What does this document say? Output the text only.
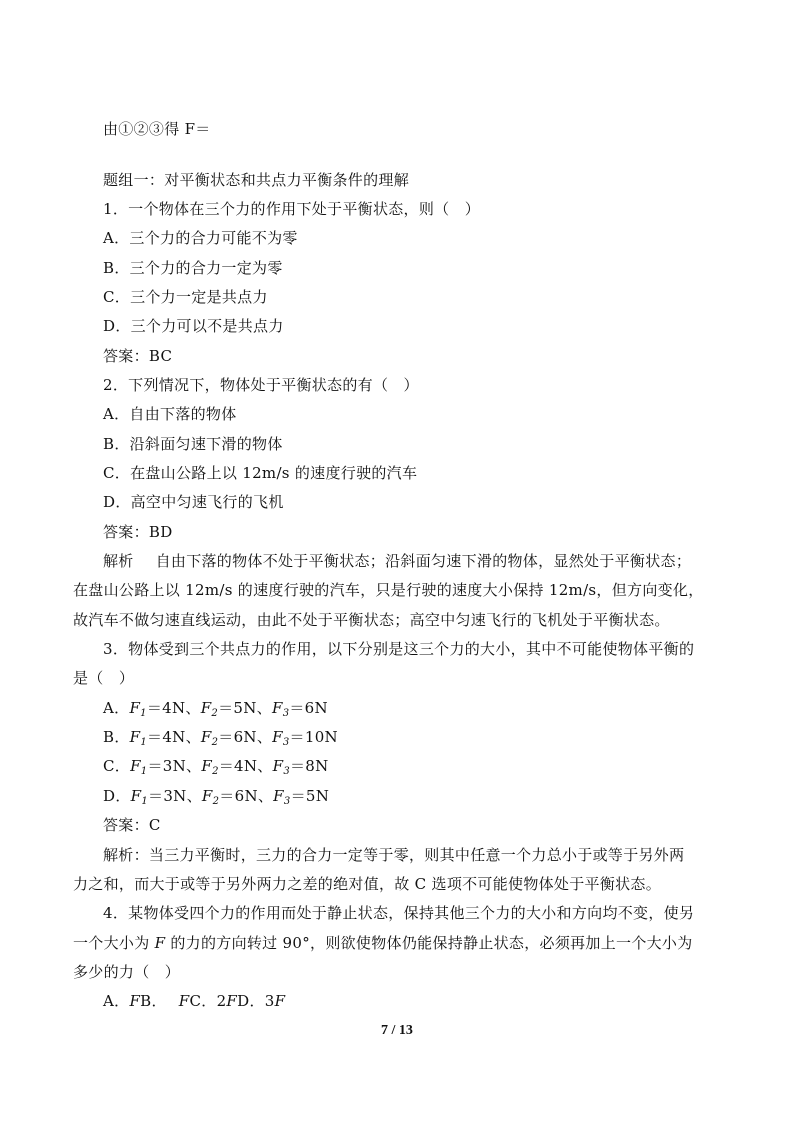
由①②③得 F＝
题组一：对平衡状态和共点力平衡条件的理解
1．一个物体在三个力的作用下处于平衡状态，则（　）
A．三个力的合力可能不为零
B．三个力的合力一定为零
C．三个力一定是共点力
D．三个力可以不是共点力
答案：BC
2．下列情况下，物体处于平衡状态的有（　）
A．自由下落的物体
B．沿斜面匀速下滑的物体
C．在盘山公路上以 12m/s 的速度行驶的汽车
D．高空中匀速飞行的飞机
答案：BD
解析 自由下落的物体不处于平衡状态；沿斜面匀速下滑的物体，显然处于平衡状态；
在盘山公路上以 12m/s 的速度行驶的汽车，只是行驶的速度大小保持 12m/s，但方向变化，
故汽车不做匀速直线运动，由此不处于平衡状态；高空中匀速飞行的飞机处于平衡状态。
3．物体受到三个共点力的作用，以下分别是这三个力的大小，其中不可能使物体平衡的
是（　）
A．$F_1=4N$、$F_2=5N$、$F_3=6N$
B．$F_1=4N$、$F_2=6N$、$F_3=10N$
C．$F_1=3N$、$F_2=4N$、$F_3=8N$
D．$F_1=3N$、$F_2=6N$、$F_3=5N$
答案：C
解析：当三力平衡时，三力的合力一定等于零，则其中任意一个力总小于或等于另外两
力之和，而大于或等于另外两力之差的绝对值，故 C 选项不可能使物体处于平衡状态。
4．某物体受四个力的作用而处于静止状态，保持其他三个力的大小和方向均不变，使另
一个大小为 F 的力的方向转过 90°，则欲使物体仍能保持静止状态，必须再加上一个大小为
多少的力（　）
A．FB． FC．2FD．3F
7 / 13
